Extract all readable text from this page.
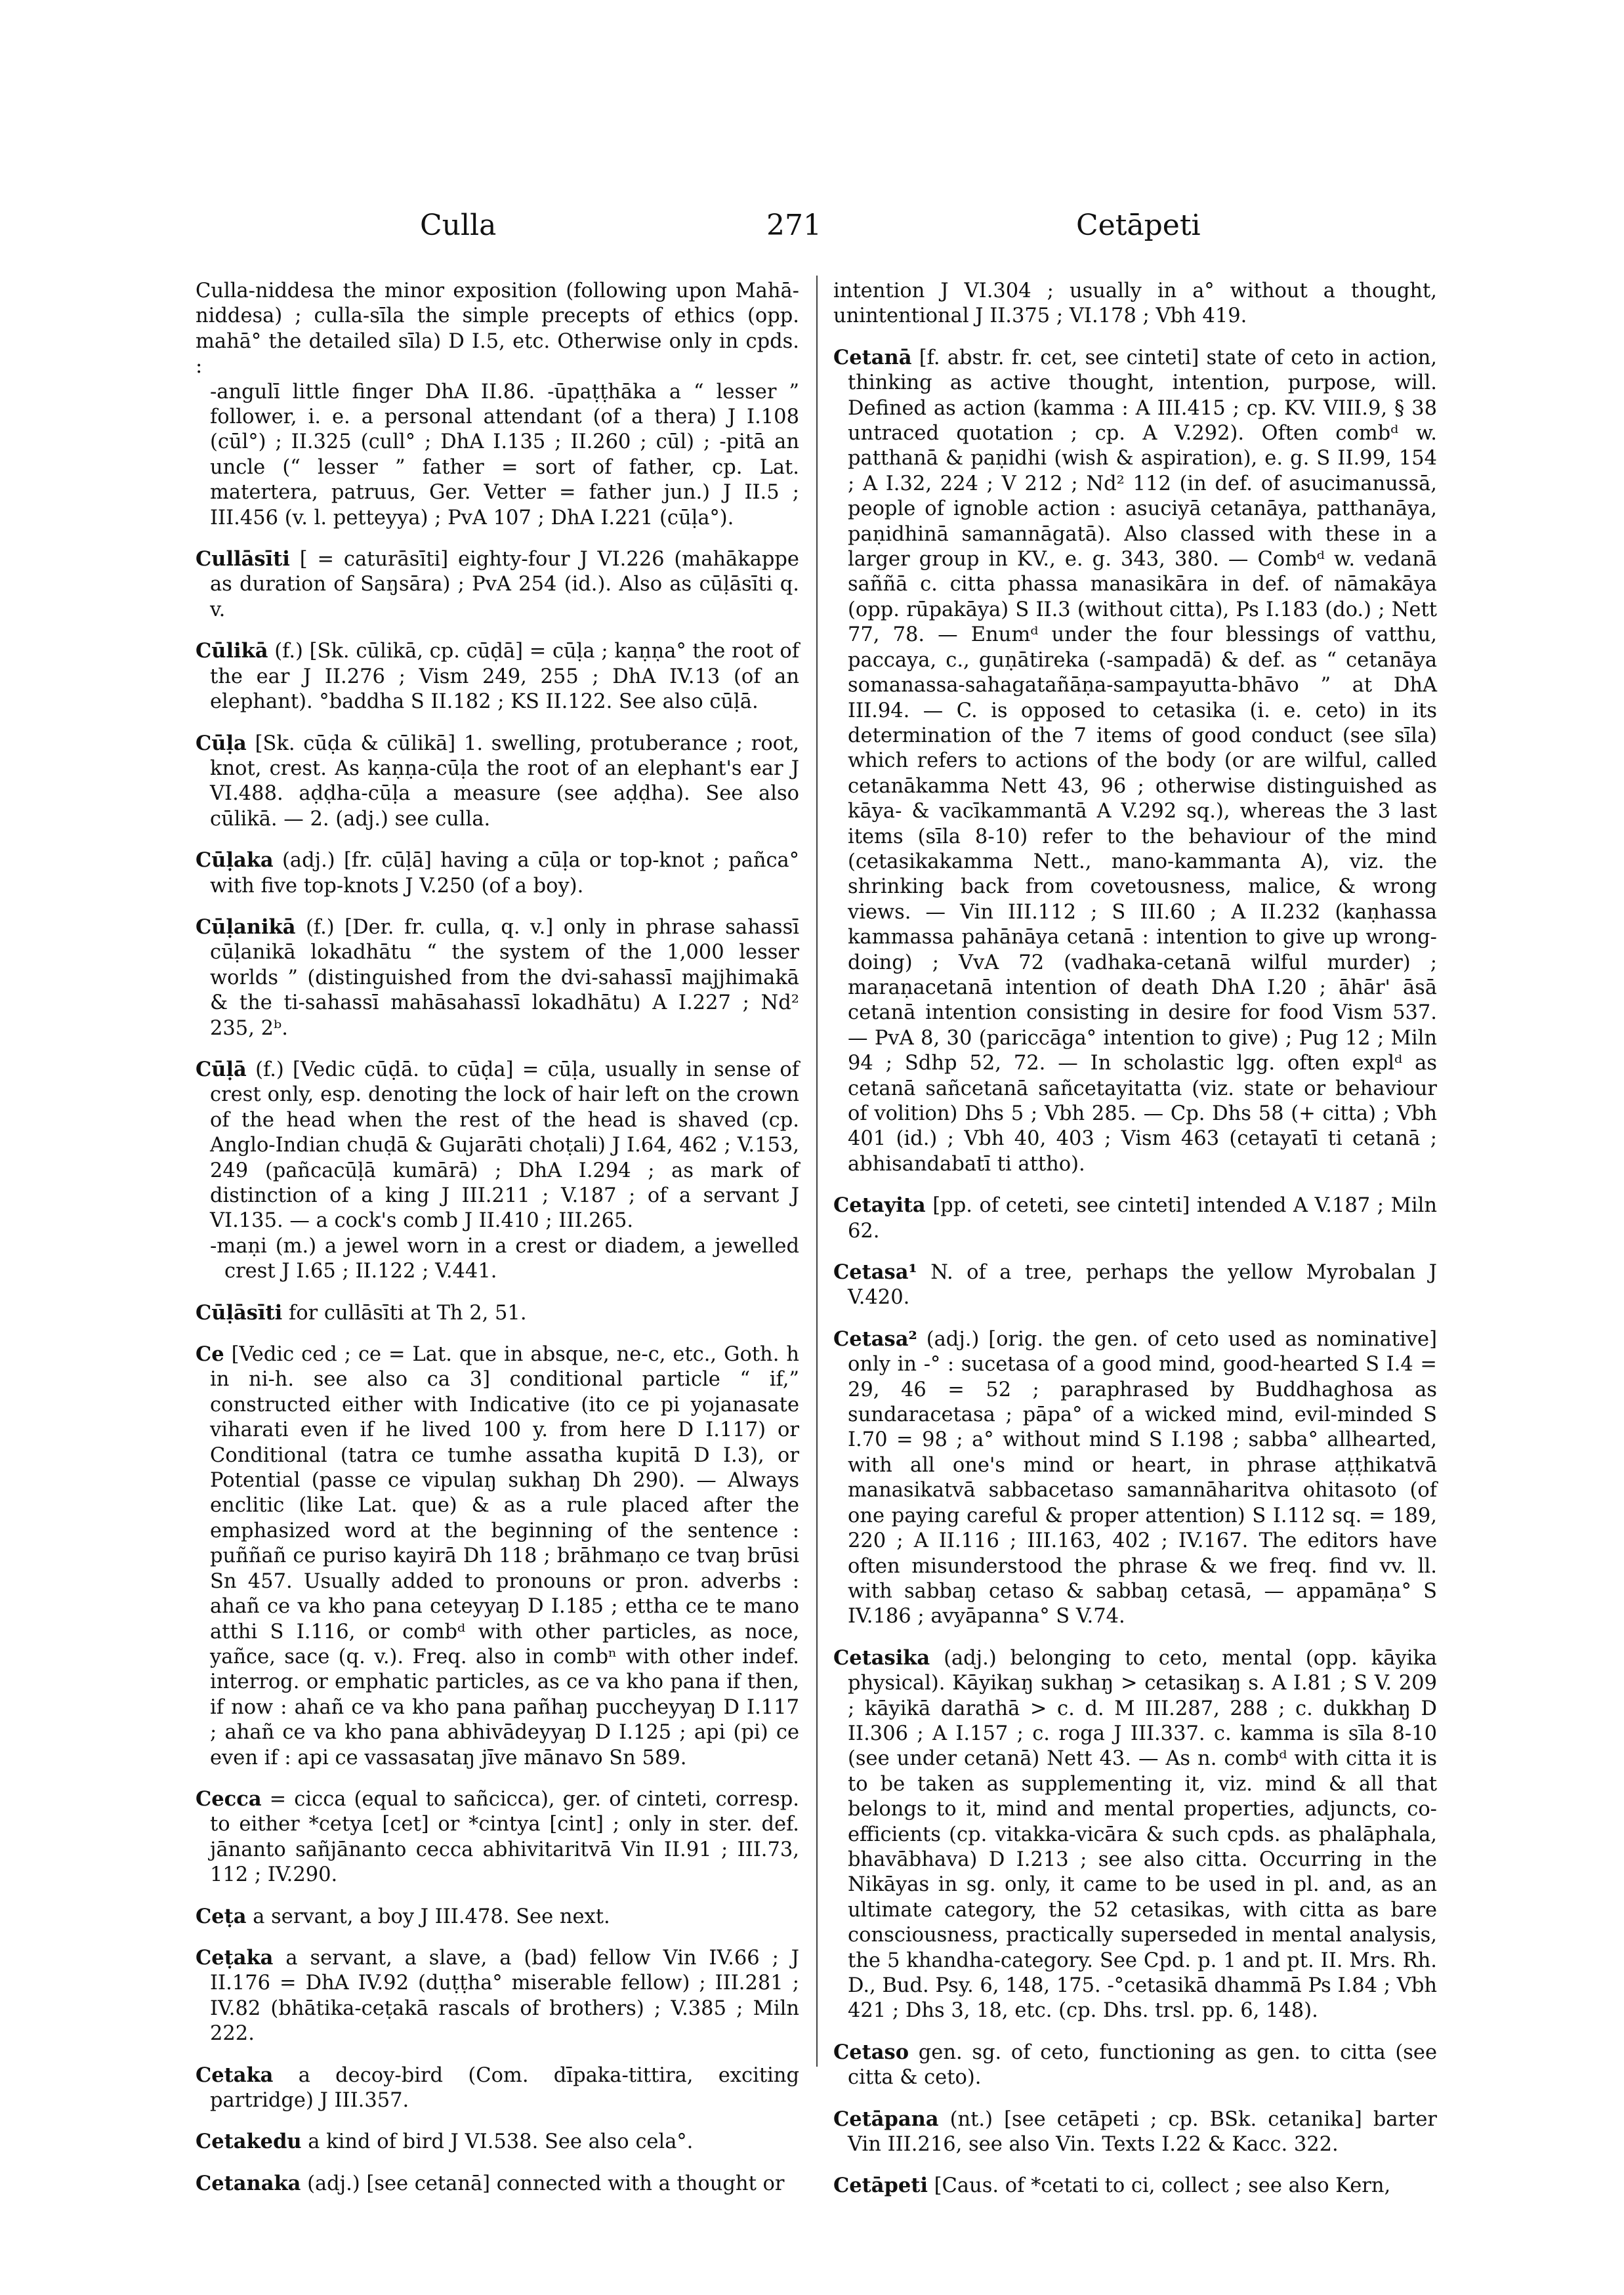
Culla	271	Cetāpeti

Culla-niddesa the minor exposition (following upon Mahā-niddesa) ; culla-sīla the simple precepts of ethics (opp. mahā° the detailed sīla) D I.5, etc. Otherwise only in cpds. :
-angulī little finger DhA II.86. -ūpaṭṭhāka a “ lesser ” follower, i. e. a personal attendant (of a thera) J I.108 (cūl°) ; II.325 (cull° ; DhA I.135 ; II.260 ; cūl) ; -pitā an uncle (“ lesser ” father = sort of father, cp. Lat. matertera, patruus, Ger. Vetter = father jun.) J II.5 ; III.456 (v. l. petteyya) ; PvA 107 ; DhA I.221 (cūḷa°).

Cullāsīti [ = caturāsīti] eighty-four J VI.226 (mahākappe as duration of Saŋsāra) ; PvA 254 (id.). Also as cūḷāsīti q. v.

Cūlikā (f.) [Sk. cūlikā, cp. cūḍā] = cūḷa ; kaṇṇa° the root of the ear J II.276 ; Vism 249, 255 ; DhA IV.13 (of an elephant). °baddha S II.182 ; KS II.122. See also cūḷā.

Cūḷa [Sk. cūḍa & cūlikā] 1. swelling, protuberance ; root, knot, crest. As kaṇṇa-cūḷa the root of an elephant's ear J VI.488. aḍḍha-cūḷa a measure (see aḍḍha). See also cūlikā. — 2. (adj.) see culla.

Cūḷaka (adj.) [fr. cūḷā] having a cūḷa or top-knot ; pañca° with five top-knots J V.250 (of a boy).

Cūḷanikā (f.) [Der. fr. culla, q. v.] only in phrase sahassī cūḷanikā lokadhātu “ the system of the 1,000 lesser worlds ” (distinguished from the dvi-sahassī majjhimakā & the ti-sahassī mahāsahassī lokadhātu) A I.227 ; Nd² 235, 2ᵇ.

Cūḷā (f.) [Vedic cūḍā. to cūḍa] = cūḷa, usually in sense of crest only, esp. denoting the lock of hair left on the crown of the head when the rest of the head is shaved (cp. Anglo-Indian chuḍā & Gujarāti choṭali) J I.64, 462 ; V.153, 249 (pañcacūḷā kumārā) ; DhA I.294 ; as mark of distinction of a king J III.211 ; V.187 ; of a servant J VI.135. — a cock's comb J II.410 ; III.265.
-maṇi (m.) a jewel worn in a crest or diadem, a jewelled crest J I.65 ; II.122 ; V.441.

Cūḷāsīti for cullāsīti at Th 2, 51.

Ce [Vedic ced ; ce = Lat. que in absque, ne-c, etc., Goth. h in ni-h. see also ca 3] conditional particle “ if,” constructed either with Indicative (ito ce pi yojanasate viharati even if he lived 100 y. from here D I.117) or Conditional (tatra ce tumhe assatha kupitā D I.3), or Potential (passe ce vipulaŋ sukhaŋ Dh 290). — Always enclitic (like Lat. que) & as a rule placed after the emphasized word at the beginning of the sentence : puññañ ce puriso kayirā Dh 118 ; brāhmaṇo ce tvaŋ brūsi Sn 457. Usually added to pronouns or pron. adverbs : ahañ ce va kho pana ceteyyaŋ D I.185 ; ettha ce te mano atthi S I.116, or combᵈ with other particles, as noce, yañce, sace (q. v.). Freq. also in combⁿ with other indef. interrog. or emphatic particles, as ce va kho pana if then, if now : ahañ ce va kho pana pañhaŋ puccheyyaŋ D I.117 ; ahañ ce va kho pana abhivādeyyaŋ D I.125 ; api (pi) ce even if : api ce vassasataŋ jīve mānavo Sn 589.

Cecca = cicca (equal to sañcicca), ger. of cinteti, corresp. to either *cetya [cet] or *cintya [cint] ; only in ster. def. jānanto sañjānanto cecca abhivitaritvā Vin II.91 ; III.73, 112 ; IV.290.

Ceṭa a servant, a boy J III.478. See next.

Ceṭaka a servant, a slave, a (bad) fellow Vin IV.66 ; J II.176 = DhA IV.92 (duṭṭha° miserable fellow) ; III.281 ; IV.82 (bhātika-ceṭakā rascals of brothers) ; V.385 ; Miln 222.

Cetaka a decoy-bird (Com. dīpaka-tittira, exciting partridge) J III.357.

Cetakedu a kind of bird J VI.538. See also cela°.

Cetanaka (adj.) [see cetanā] connected with a thought or

intention J VI.304 ; usually in a° without a thought, unintentional J II.375 ; VI.178 ; Vbh 419.

Cetanā [f. abstr. fr. cet, see cinteti] state of ceto in action, thinking as active thought, intention, purpose, will. Defined as action (kamma : A III.415 ; cp. KV. VIII.9, § 38 untraced quotation ; cp. A V.292). Often combᵈ w. patthanā & paṇidhi (wish & aspiration), e. g. S II.99, 154 ; A I.32, 224 ; V 212 ; Nd² 112 (in def. of asucimanussā, people of ignoble action : asuciyā cetanāya, patthanāya, paṇidhinā samannāgatā). Also classed with these in a larger group in KV., e. g. 343, 380. — Combᵈ w. vedanā saññā c. citta phassa manasikāra in def. of nāmakāya (opp. rūpakāya) S II.3 (without citta), Ps I.183 (do.) ; Nett 77, 78. — Enumᵈ under the four blessings of vatthu, paccaya, c., guṇātireka (-sampadā) & def. as “ cetanāya somanassa-sahagatañāṇa-sampayutta-bhāvo ” at DhA III.94. — C. is opposed to cetasika (i. e. ceto) in its determination of the 7 items of good conduct (see sīla) which refers to actions of the body (or are wilful, called cetanākamma Nett 43, 96 ; otherwise distinguished as kāya- & vacīkammantā A V.292 sq.), whereas the 3 last items (sīla 8-10) refer to the behaviour of the mind (cetasikakamma Nett., mano-kammanta A), viz. the shrinking back from covetousness, malice, & wrong views. — Vin III.112 ; S III.60 ; A II.232 (kaṇhassa kammassa pahānāya cetanā : intention to give up wrong-doing) ; VvA 72 (vadhaka-cetanā wilful murder) ; maraṇacetanā intention of death DhA I.20 ; āhār' āsā cetanā intention consisting in desire for food Vism 537. — PvA 8, 30 (pariccāga° intention to give) ; Pug 12 ; Miln 94 ; Sdhp 52, 72. — In scholastic lgg. often explᵈ as cetanā sañcetanā sañcetayitatta (viz. state or behaviour of volition) Dhs 5 ; Vbh 285. — Cp. Dhs 58 (+ citta) ; Vbh 401 (id.) ; Vbh 40, 403 ; Vism 463 (cetayatī ti cetanā ; abhisandabatī ti attho).

Cetayita [pp. of ceteti, see cinteti] intended A V.187 ; Miln 62.

Cetasa¹ N. of a tree, perhaps the yellow Myrobalan J V.420.

Cetasa² (adj.) [orig. the gen. of ceto used as nominative] only in -° : sucetasa of a good mind, good-hearted S I.4 = 29, 46 = 52 ; paraphrased by Buddhaghosa as sundaracetasa ; pāpa° of a wicked mind, evil-minded S I.70 = 98 ; a° without mind S I.198 ; sabba° allhearted, with all one's mind or heart, in phrase aṭṭhikatvā manasikatvā sabbacetaso samannāharitva ohitasoto (of one paying careful & proper attention) S I.112 sq. = 189, 220 ; A II.116 ; III.163, 402 ; IV.167. The editors have often misunderstood the phrase & we freq. find vv. ll. with sabbaŋ cetaso & sabbaŋ cetasā, — appamāṇa° S IV.186 ; avyāpanna° S V.74.

Cetasika (adj.) belonging to ceto, mental (opp. kāyika physical). Kāyikaŋ sukhaŋ > cetasikaŋ s. A I.81 ; S V. 209 ; kāyikā darathā > c. d. M III.287, 288 ; c. dukkhaŋ D II.306 ; A I.157 ; c. roga J III.337. c. kamma is sīla 8-10 (see under cetanā) Nett 43. — As n. combᵈ with citta it is to be taken as supplementing it, viz. mind & all that belongs to it, mind and mental properties, adjuncts, co-efficients (cp. vitakka-vicāra & such cpds. as phalāphala, bhavābhava) D I.213 ; see also citta. Occurring in the Nikāyas in sg. only, it came to be used in pl. and, as an ultimate category, the 52 cetasikas, with citta as bare consciousness, practically superseded in mental analysis, the 5 khandha-category. See Cpd. p. 1 and pt. II. Mrs. Rh. D., Bud. Psy. 6, 148, 175. -°cetasikā dhammā Ps I.84 ; Vbh 421 ; Dhs 3, 18, etc. (cp. Dhs. trsl. pp. 6, 148).

Cetaso gen. sg. of ceto, functioning as gen. to citta (see citta & ceto).

Cetāpana (nt.) [see cetāpeti ; cp. BSk. cetanika] barter Vin III.216, see also Vin. Texts I.22 & Kacc. 322.

Cetāpeti [Caus. of *cetati to ci, collect ; see also Kern,
